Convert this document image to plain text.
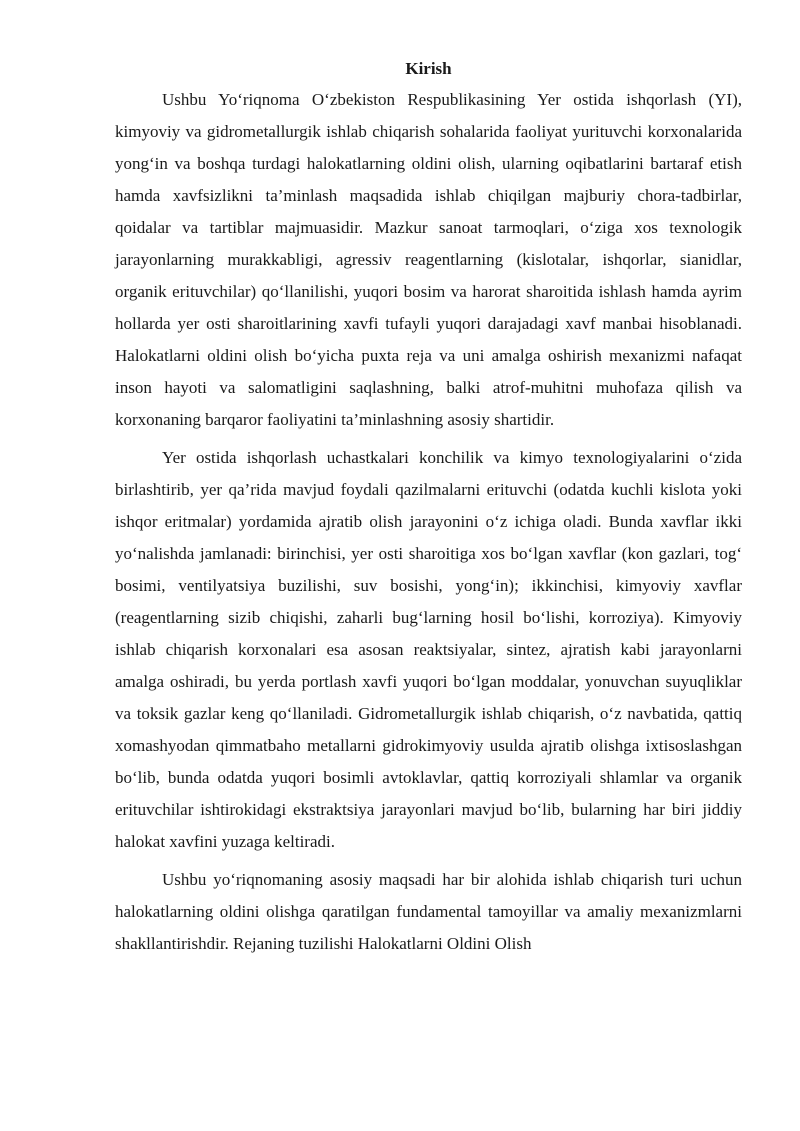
Kirish

Ushbu Yo‘riqnoma O‘zbekiston Respublikasining Yer ostida ishqorlash (YI), kimyoviy va gidrometallurgik ishlab chiqarish sohalarida faoliyat yurituvchi korxonalarida yong‘in va boshqa turdagi halokatlarning oldini olish, ularning oqibatlarini bartaraf etish hamda xavfsizlikni ta’minlash maqsadida ishlab chiqilgan majburiy chora-tadbirlar, qoidalar va tartiblar majmuasidir. Mazkur sanoat tarmoqlari, o‘ziga xos texnologik jarayonlarning murakkabligi, agressiv reagentlarning (kislotalar, ishqorlar, sianidlar, organik erituvchilar) qo‘llanilishi, yuqori bosim va harorat sharoitida ishlash hamda ayrim hollarda yer osti sharoitlarining xavfi tufayli yuqori darajadagi xavf manbai hisoblanadi. Halokatlarni oldini olish bo‘yicha puxta reja va uni amalga oshirish mexanizmi nafaqat inson hayoti va salomatligini saqlashning, balki atrof-muhitni muhofaza qilish va korxonaning barqaror faoliyatini ta’minlashning asosiy shartidir.

Yer ostida ishqorlash uchastkalari konchilik va kimyo texnologiyalarini o‘zida birlashtirib, yer qa’rida mavjud foydali qazilmalarni erituvchi (odatda kuchli kislota yoki ishqor eritmalar) yordamida ajratib olish jarayonini o‘z ichiga oladi. Bunda xavflar ikki yo‘nalishda jamlanadi: birinchisi, yer osti sharoitiga xos bo‘lgan xavflar (kon gazlari, tog‘ bosimi, ventilyatsiya buzilishi, suv bosishi, yong‘in); ikkinchisi, kimyoviy xavflar (reagentlarning sizib chiqishi, zaharli bug‘larning hosil bo‘lishi, korroziya). Kimyoviy ishlab chiqarish korxonalari esa asosan reaktsiyalar, sintez, ajratish kabi jarayonlarni amalga oshiradi, bu yerda portlash xavfi yuqori bo‘lgan moddalar, yonuvchan suyuqliklar va toksik gazlar keng qo‘llaniladi. Gidrometallurgik ishlab chiqarish, o‘z navbatida, qattiq xomashyodan qimmatbaho metallarni gidrokimyoviy usulda ajratib olishga ixtisoslashgan bo‘lib, bunda odatda yuqori bosimli avtoklavlar, qattiq korroziyali shlamlar va organik erituvchilar ishtirokidagi ekstraktsiya jarayonlari mavjud bo‘lib, bularning har biri jiddiy halokat xavfini yuzaga keltiradi.

Ushbu yo‘riqnomaning asosiy maqsadi har bir alohida ishlab chiqarish turi uchun halokatlarning oldini olishga qaratilgan fundamental tamoyillar va amaliy mexanizmlarni shakllantirishdir. Rejaning tuzilishi Halokatlarni Oldini Olish
